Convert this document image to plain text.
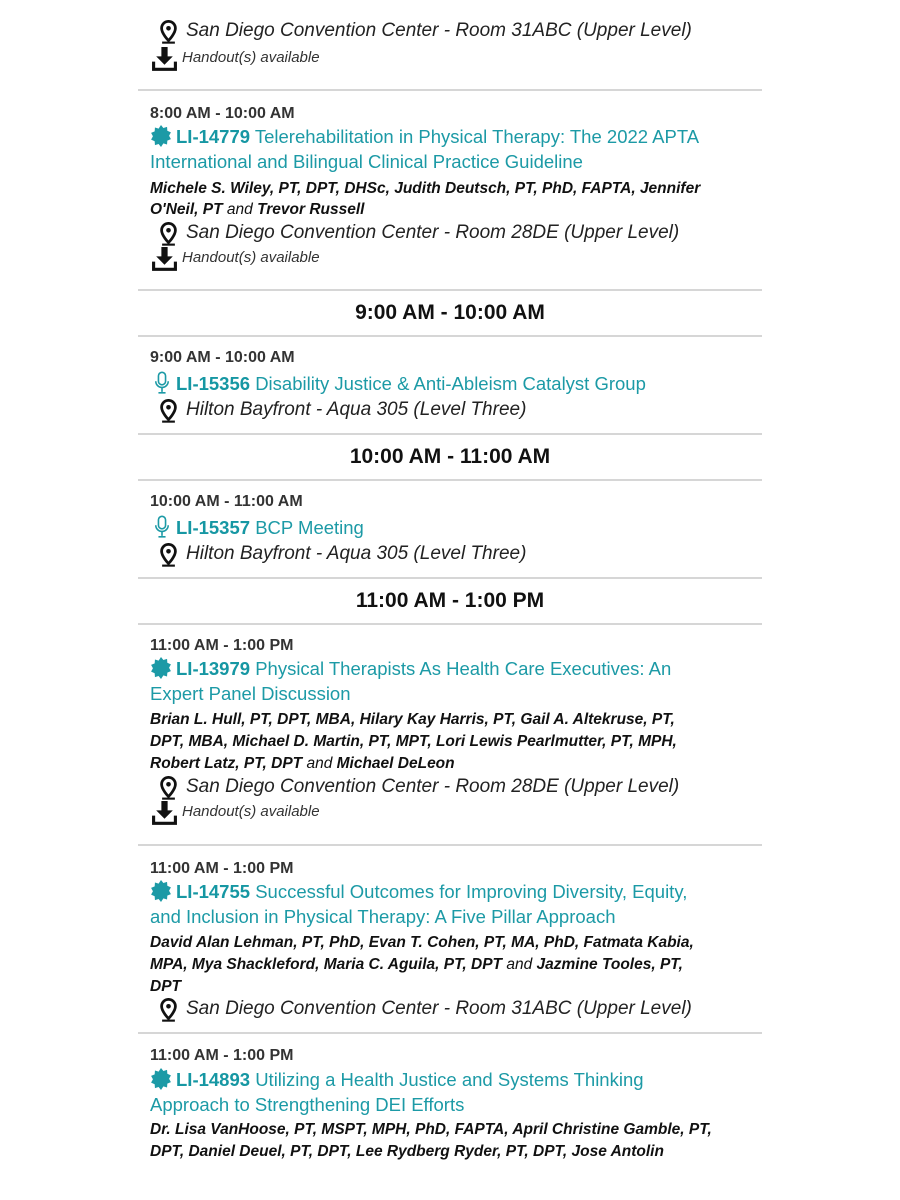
San Diego Convention Center - Room 31ABC (Upper Level)
Handout(s) available
8:00 AM - 10:00 AM
LI-14779 Telerehabilitation in Physical Therapy: The 2022 APTA
International and Bilingual Clinical Practice Guideline
Michele S. Wiley, PT, DPT, DHSc, Judith Deutsch, PT, PhD, FAPTA, Jennifer
O'Neil, PT and Trevor Russell
San Diego Convention Center - Room 28DE (Upper Level)
Handout(s) available
9:00 AM - 10:00 AM
9:00 AM - 10:00 AM
LI-15356 Disability Justice & Anti-Ableism Catalyst Group
Hilton Bayfront - Aqua 305 (Level Three)
10:00 AM - 11:00 AM
10:00 AM - 11:00 AM
LI-15357 BCP Meeting
Hilton Bayfront - Aqua 305 (Level Three)
11:00 AM - 1:00 PM
11:00 AM - 1:00 PM
LI-13979 Physical Therapists As Health Care Executives: An
Expert Panel Discussion
Brian L. Hull, PT, DPT, MBA, Hilary Kay Harris, PT, Gail A. Altekruse, PT,
DPT, MBA, Michael D. Martin, PT, MPT, Lori Lewis Pearlmutter, PT, MPH,
Robert Latz, PT, DPT and Michael DeLeon
San Diego Convention Center - Room 28DE (Upper Level)
Handout(s) available
11:00 AM - 1:00 PM
LI-14755 Successful Outcomes for Improving Diversity, Equity,
and Inclusion in Physical Therapy: A Five Pillar Approach
David Alan Lehman, PT, PhD, Evan T. Cohen, PT, MA, PhD, Fatmata Kabia,
MPA, Mya Shackleford, Maria C. Aguila, PT, DPT and Jazmine Tooles, PT,
DPT
San Diego Convention Center - Room 31ABC (Upper Level)
11:00 AM - 1:00 PM
LI-14893 Utilizing a Health Justice and Systems Thinking
Approach to Strengthening DEI Efforts
Dr. Lisa VanHoose, PT, MSPT, MPH, PhD, FAPTA, April Christine Gamble, PT,
DPT, Daniel Deuel, PT, DPT, Lee Rydberg Ryder, PT, DPT, Jose Antolin
